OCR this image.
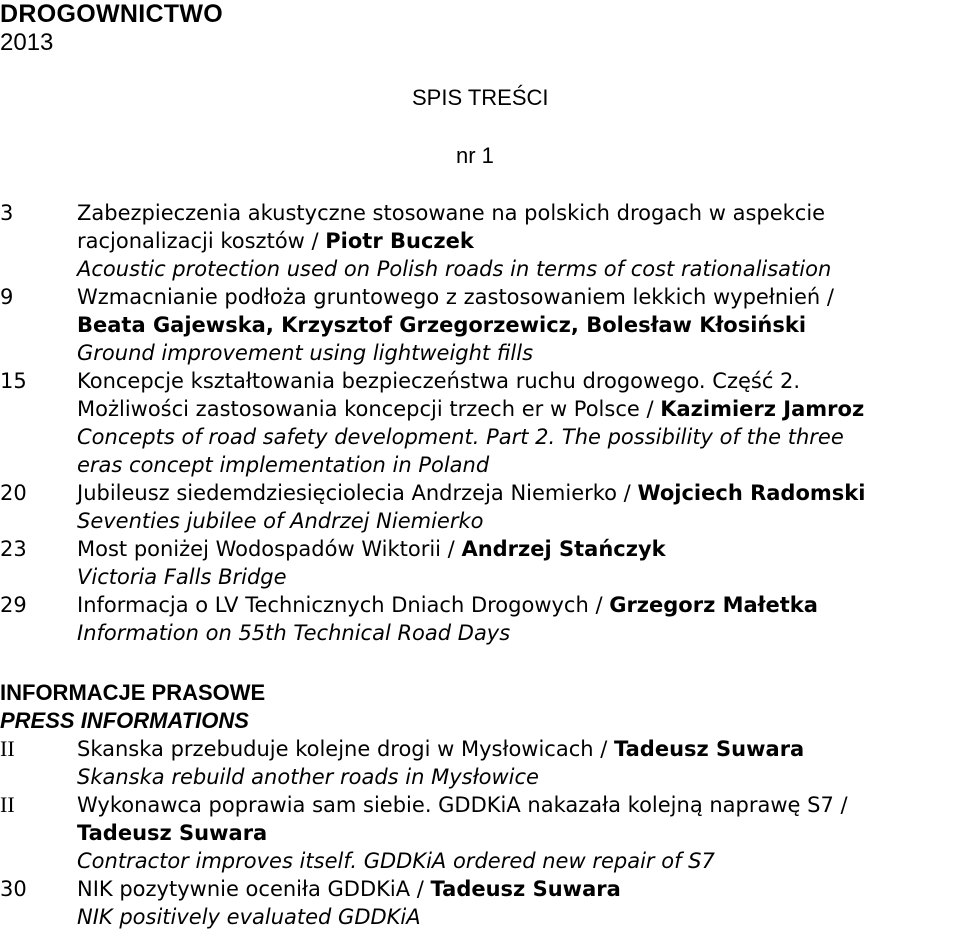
DROGOWNICTWO
2013
SPIS TREŚCI
nr 1
3	Zabezpieczenia akustyczne stosowane na polskich drogach w aspekcie
racjonalizacji kosztów / Piotr Buczek
Acoustic protection used on Polish roads in terms of cost rationalisation
9	Wzmacnianie podłoża gruntowego z zastosowaniem lekkich wypełnień /
Beata Gajewska, Krzysztof Grzegorzewicz, Bolesław Kłosiński
Ground improvement using lightweight fills
15 Koncepcje kształtowania bezpieczeństwa ruchu drogowego. Część 2.
Możliwości zastosowania koncepcji trzech er w Polsce / Kazimierz Jamroz
Concepts of road safety development. Part 2. The possibility of the three
eras concept implementation in Poland
20 Jubileusz siedemdziesięciolecia Andrzeja Niemierko / Wojciech Radomski
Seventies jubilee of Andrzej Niemierko
23 Most poniżej Wodospadów Wiktorii / Andrzej Stańczyk
Victoria Falls Bridge
29 Informacja o LV Technicznych Dniach Drogowych / Grzegorz Małetka
Information on 55th Technical Road Days
INFORMACJE PRASOWE
PRESS INFORMATIONS
II	Skanska przebuduje kolejne drogi w Mysłowicach / Tadeusz Suwara
Skanska rebuild another roads in Mysłowice
II	Wykonawca poprawia sam siebie. GDDKiA nakazała kolejną naprawę S7 /
Tadeusz Suwara
Contractor improves itself. GDDKiA ordered new repair of S7
30 NIK pozytywnie oceniła GDDKiA / Tadeusz Suwara
NIK positively evaluated GDDKiA
